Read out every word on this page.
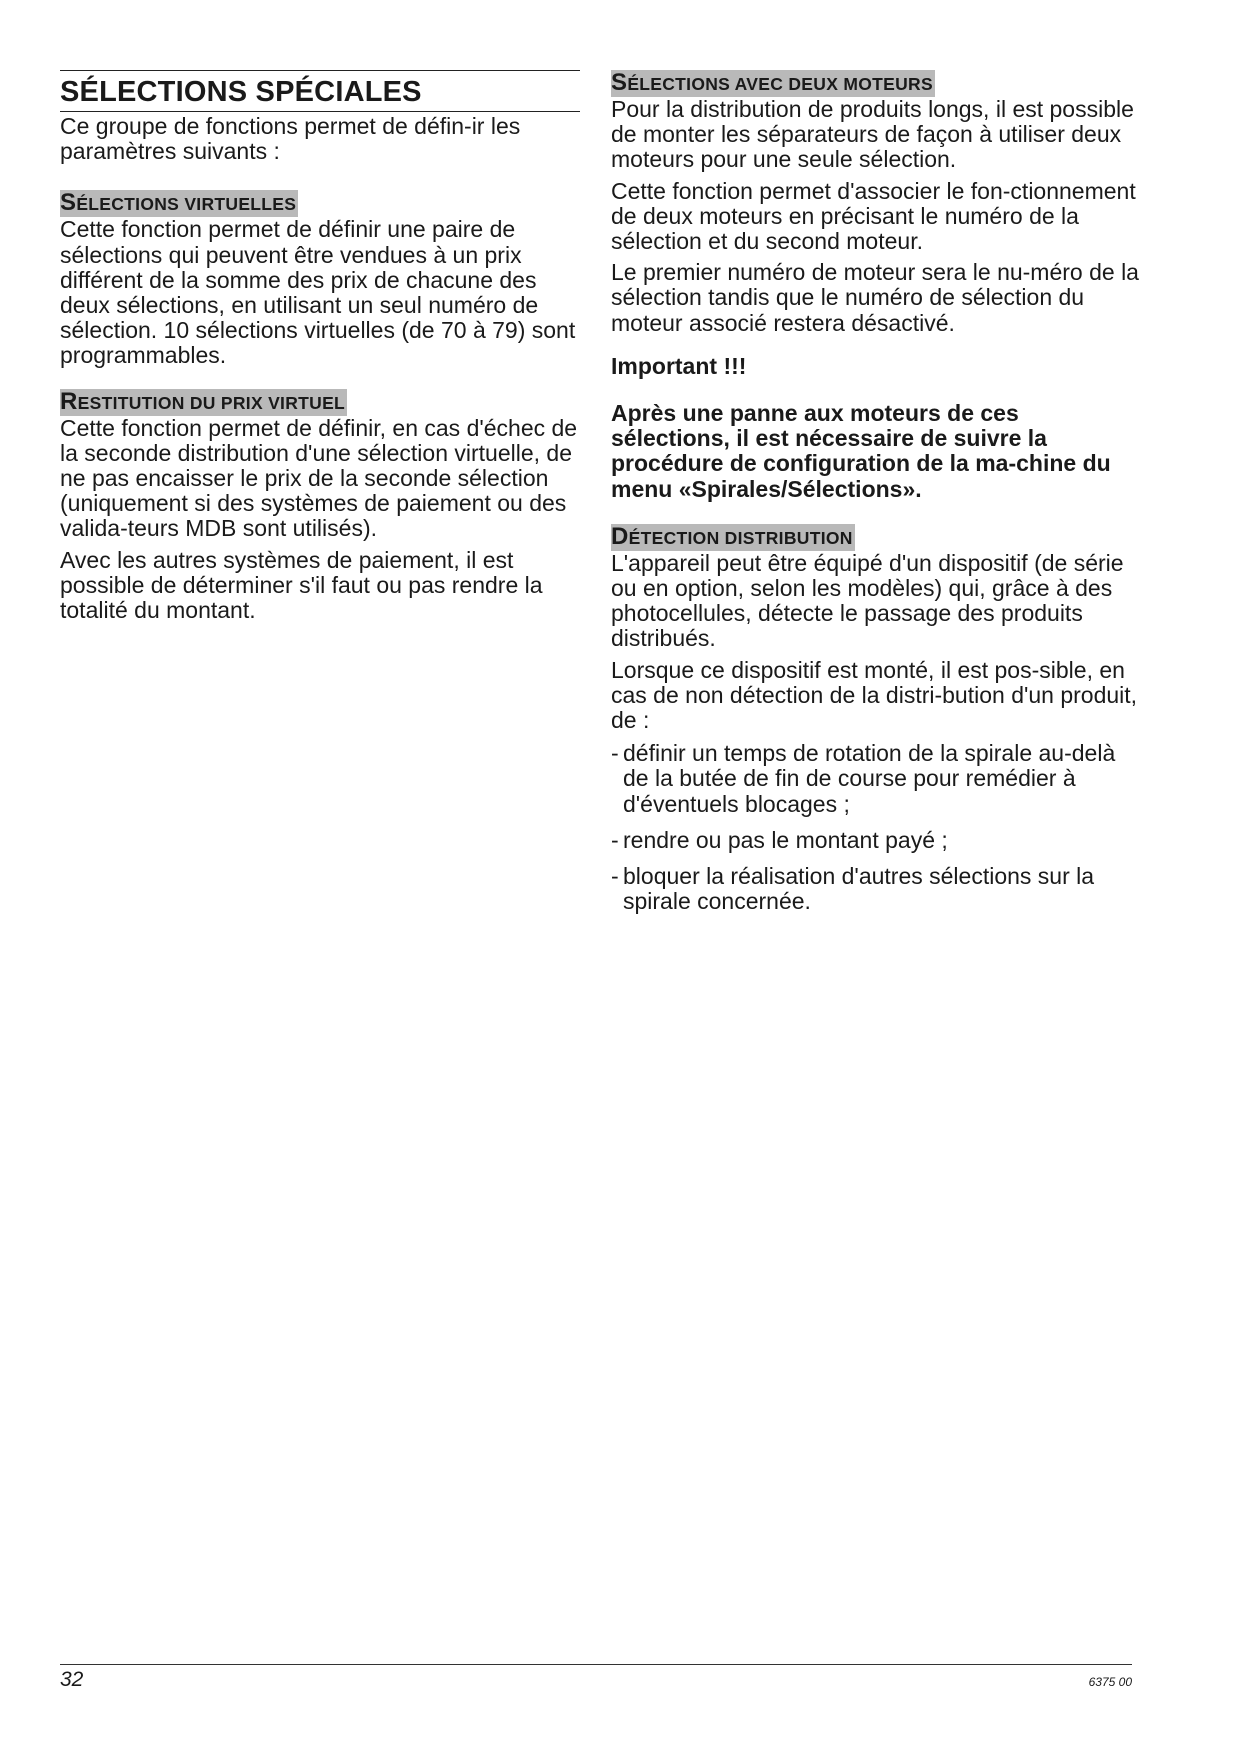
SÉLECTIONS SPÉCIALES

Ce groupe de fonctions permet de défin-ir les paramètres suivants :

SÉLECTIONS VIRTUELLES

Cette fonction permet de définir une paire de sélections qui peuvent être vendues à un prix différent de la somme des prix de chacune des deux sélections, en utilisant un seul numéro de sélection. 10 sélections virtuelles (de 70 à 79) sont programmables.

RESTITUTION DU PRIX VIRTUEL

Cette fonction permet de définir, en cas d'échec de la seconde distribution d'une sélection virtuelle, de ne pas encaisser le prix de la seconde sélection (uniquement si des systèmes de paiement ou des valida-teurs MDB sont utilisés).

Avec les autres systèmes de paiement, il est possible de déterminer s'il faut ou pas rendre la totalité du montant.

SÉLECTIONS AVEC DEUX MOTEURS

Pour la distribution de produits longs, il est possible de monter les séparateurs de façon à utiliser deux moteurs pour une seule sélection.

Cette fonction permet d'associer le fon-ctionnement de deux moteurs en précisant le numéro de la sélection et du second moteur.

Le premier numéro de moteur sera le nu-méro de la sélection tandis que le numéro de sélection du moteur associé restera désactivé.

Important !!!

Après une panne aux moteurs de ces sélections, il est nécessaire de suivre la procédure de configuration de la ma-chine du menu «Spirales/Sélections».

DÉTECTION DISTRIBUTION

L'appareil peut être équipé d'un dispositif (de série ou en option, selon les modèles) qui, grâce à des photocellules, détecte le passage des produits distribués.

Lorsque ce dispositif est monté, il est pos-sible, en cas de non détection de la distri-bution d'un produit, de :

- définir un temps de rotation de la spirale au-delà de la butée de fin de course pour remédier à d'éventuels blocages ;
- rendre ou pas le montant payé ;
- bloquer la réalisation d'autres sélections sur la spirale concernée.
32	6375 00
